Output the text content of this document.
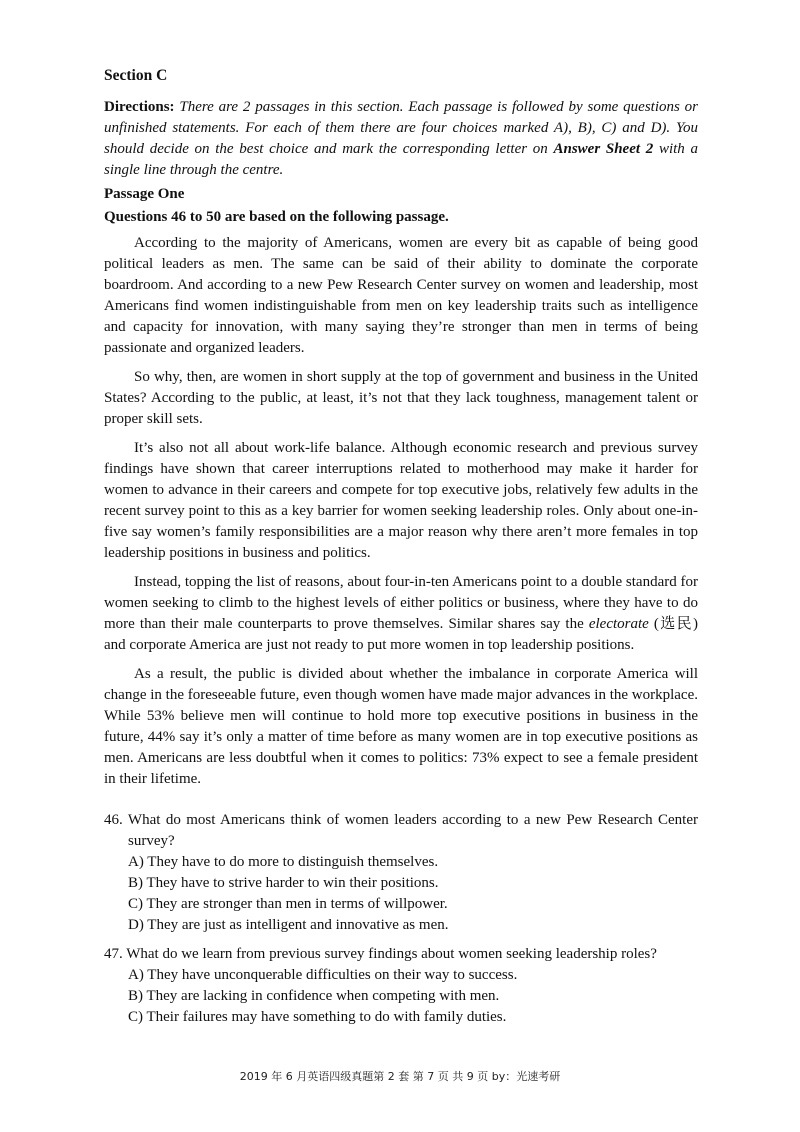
Section C

Directions: There are 2 passages in this section. Each passage is followed by some questions or unfinished statements. For each of them there are four choices marked A), B), C) and D). You should decide on the best choice and mark the corresponding letter on Answer Sheet 2 with a single line through the centre.

Passage One
Questions 46 to 50 are based on the following passage.

According to the majority of Americans, women are every bit as capable of being good political leaders as men. The same can be said of their ability to dominate the corporate boardroom. And according to a new Pew Research Center survey on women and leadership, most Americans find women indistinguishable from men on key leadership traits such as intelligence and capacity for innovation, with many saying they’re stronger than men in terms of being passionate and organized leaders.

So why, then, are women in short supply at the top of government and business in the United States? According to the public, at least, it’s not that they lack toughness, management talent or proper skill sets.

It’s also not all about work-life balance. Although economic research and previous survey findings have shown that career interruptions related to motherhood may make it harder for women to advance in their careers and compete for top executive jobs, relatively few adults in the recent survey point to this as a key barrier for women seeking leadership roles. Only about one-in-five say women’s family responsibilities are a major reason why there aren’t more females in top leadership positions in business and politics.

Instead, topping the list of reasons, about four-in-ten Americans point to a double standard for women seeking to climb to the highest levels of either politics or business, where they have to do more than their male counterparts to prove themselves. Similar shares say the electorate (选民) and corporate America are just not ready to put more women in top leadership positions.

As a result, the public is divided about whether the imbalance in corporate America will change in the foreseeable future, even though women have made major advances in the workplace. While 53% believe men will continue to hold more top executive positions in business in the future, 44% say it’s only a matter of time before as many women are in top executive positions as men. Americans are less doubtful when it comes to politics: 73% expect to see a female president in their lifetime.

46. What do most Americans think of women leaders according to a new Pew Research Center survey?

A) They have to do more to distinguish themselves.

B) They have to strive harder to win their positions.

C) They are stronger than men in terms of willpower.

D) They are just as intelligent and innovative as men.

47. What do we learn from previous survey findings about women seeking leadership roles?

A) They have unconquerable difficulties on their way to success.

B) They are lacking in confidence when competing with men.

C) Their failures may have something to do with family duties.

2019 年 6 月英语四级真题第 2 套 第 7 页 共 9 页 by：光速考研
